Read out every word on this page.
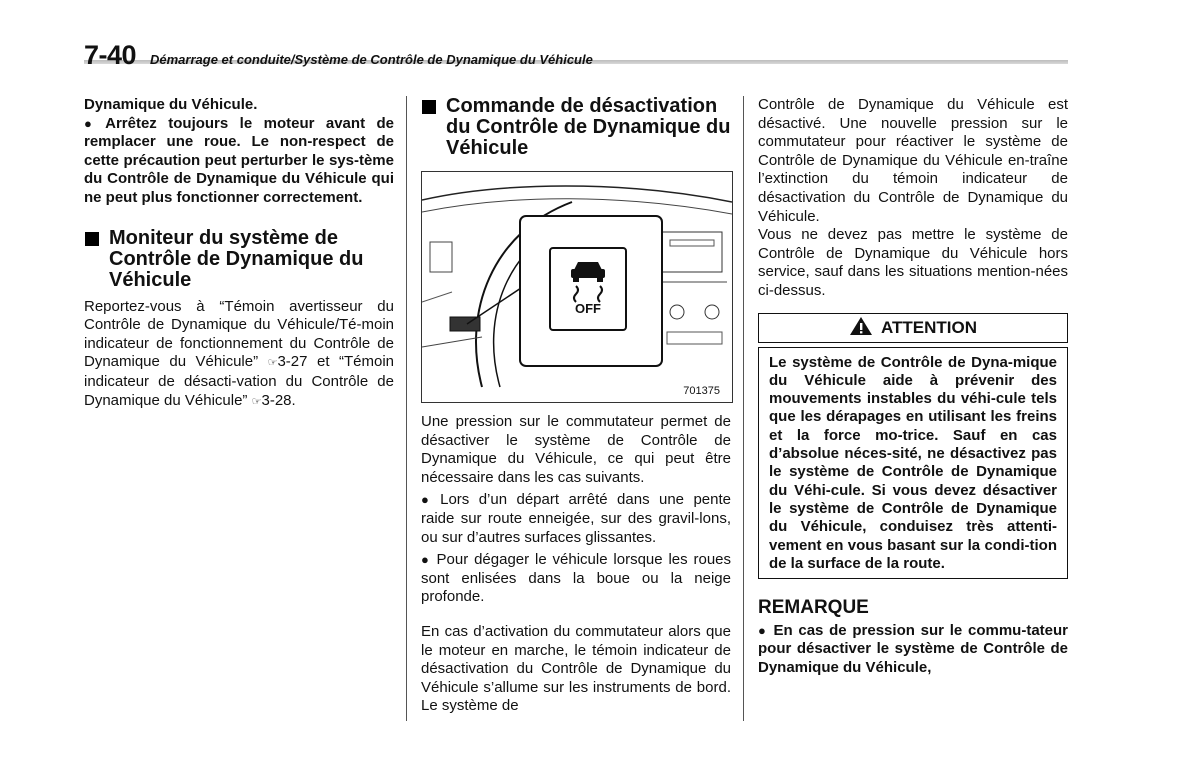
7-40 Démarrage et conduite/Système de Contrôle de Dynamique du Véhicule

Dynamique du Véhicule.

● Arrêtez toujours le moteur avant de remplacer une roue. Le non-respect de cette précaution peut perturber le sys-tème du Contrôle de Dynamique du Véhicule qui ne peut plus fonctionner correctement.

Moniteur du système de Contrôle de Dynamique du Véhicule

Reportez-vous à “Témoin avertisseur du Contrôle de Dynamique du Véhicule/Té-moin indicateur de fonctionnement du Contrôle de Dynamique du Véhicule” ☞3-27 et “Témoin indicateur de désacti-vation du Contrôle de Dynamique du Véhicule” ☞3-28.

Commande de désactivation du Contrôle de Dynamique du Véhicule
OFF
701375

Une pression sur le commutateur permet de désactiver le système de Contrôle de Dynamique du Véhicule, ce qui peut être nécessaire dans les cas suivants.

● Lors d’un départ arrêté dans une pente raide sur route enneigée, sur des gravil-lons, ou sur d’autres surfaces glissantes.

● Pour dégager le véhicule lorsque les roues sont enlisées dans la boue ou la neige profonde.

En cas d’activation du commutateur alors que le moteur en marche, le témoin indicateur de désactivation du Contrôle de Dynamique du Véhicule s’allume sur les instruments de bord. Le système de

Contrôle de Dynamique du Véhicule est désactivé. Une nouvelle pression sur le commutateur pour réactiver le système de Contrôle de Dynamique du Véhicule en-traîne l’extinction du témoin indicateur de désactivation du Contrôle de Dynamique du Véhicule.

Vous ne devez pas mettre le système de Contrôle de Dynamique du Véhicule hors service, sauf dans les situations mention-nées ci-dessus.

ATTENTION
Le système de Contrôle de Dyna-mique du Véhicule aide à prévenir des mouvements instables du véhi-cule tels que les dérapages en utilisant les freins et la force mo-trice. Sauf en cas d’absolue néces-sité, ne désactivez pas le système de Contrôle de Dynamique du Véhi-cule. Si vous devez désactiver le système de Contrôle de Dynamique du Véhicule, conduisez très attenti-vement en vous basant sur la condi-tion de la surface de la route.
REMARQUE

● En cas de pression sur le commu-tateur pour désactiver le système de Contrôle de Dynamique du Véhicule,
